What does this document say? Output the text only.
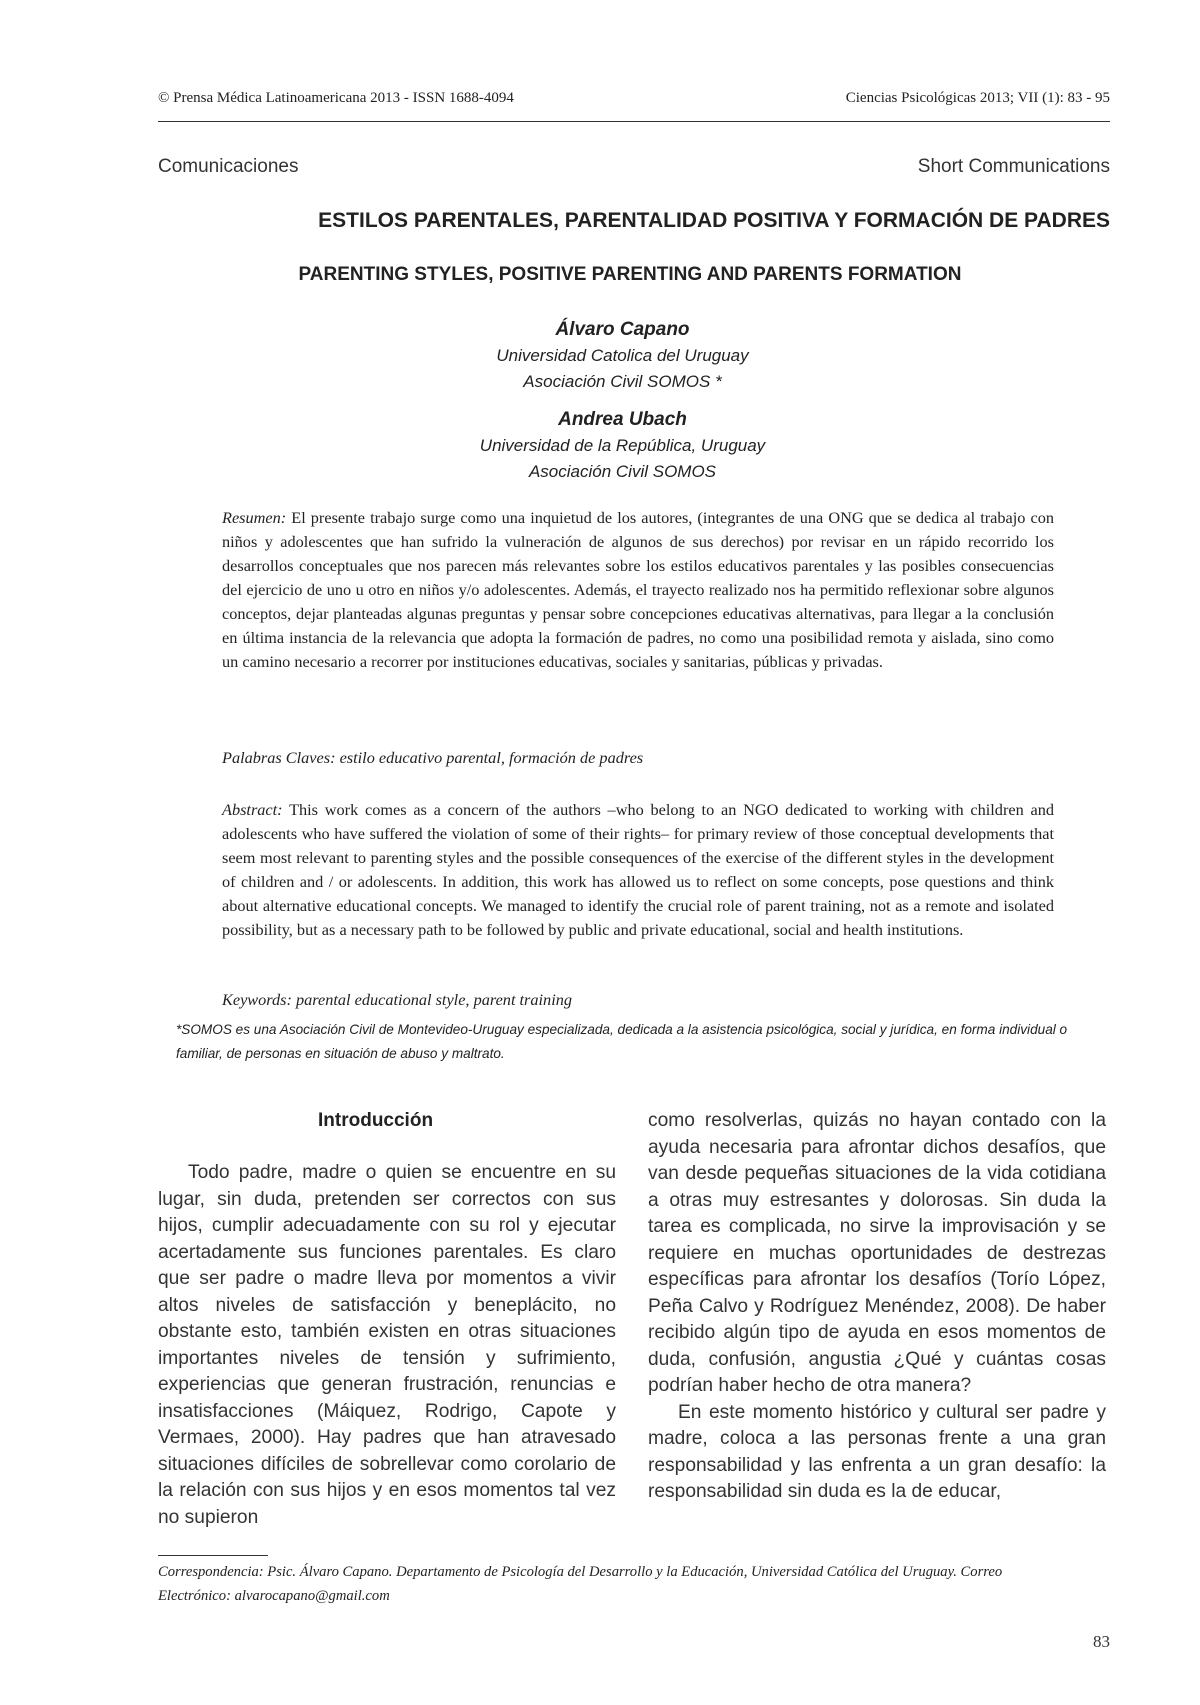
© Prensa Médica Latinoamericana 2013 - ISSN 1688-4094	Ciencias Psicológicas 2013; VII (1): 83 - 95
Comunicaciones	Short Communications
ESTILOS PARENTALES, PARENTALIDAD POSITIVA Y FORMACIÓN DE PADRES
PARENTING STYLES, POSITIVE PARENTING AND PARENTS FORMATION
Álvaro Capano
Universidad Catolica del Uruguay
Asociación Civil SOMOS *
Andrea Ubach
Universidad de la República, Uruguay
Asociación Civil SOMOS
Resumen: El presente trabajo surge como una inquietud de los autores, (integrantes de una ONG que se dedica al trabajo con niños y adolescentes que han sufrido la vulneración de algunos de sus derechos) por revisar en un rápido recorrido los desarrollos conceptuales que nos parecen más relevantes sobre los estilos educativos parentales y las posibles consecuencias del ejercicio de uno u otro en niños y/o adolescentes. Además, el trayecto realizado nos ha permitido reflexionar sobre algunos conceptos, dejar planteadas algunas preguntas y pensar sobre concepciones educativas alternativas, para llegar a la conclusión en última instancia de la relevancia que adopta la formación de padres, no como una posibilidad remota y aislada, sino como un camino necesario a recorrer por instituciones educativas, sociales y sanitarias, públicas y privadas.
Palabras Claves: estilo educativo parental, formación de padres
Abstract: This work comes as a concern of the authors –who belong to an NGO dedicated to working with children and adolescents who have suffered the violation of some of their rights– for primary review of those conceptual developments that seem most relevant to parenting styles and the possible consequences of the exercise of the different styles in the development of children and / or adolescents. In addition, this work has allowed us to reflect on some concepts, pose questions and think about alternative educational concepts. We managed to identify the crucial role of parent training, not as a remote and isolated possibility, but as a necessary path to be followed by public and private educational, social and health institutions.
Keywords: parental educational style, parent training
*SOMOS es una Asociación Civil de Montevideo-Uruguay especializada, dedicada a la asistencia psicológica, social y jurídica, en forma individual o familiar, de personas en situación de abuso y maltrato.
Introducción

Todo padre, madre o quien se encuentre en su lugar, sin duda, pretenden ser correctos con sus hijos, cumplir adecuadamente con su rol y ejecutar acertadamente sus funciones parentales. Es claro que ser padre o madre lleva por momentos a vivir altos niveles de satisfacción y beneplácito, no obstante esto, también existen en otras situaciones importantes niveles de tensión y sufrimiento, experiencias que generan frustración, renuncias e insatisfacciones (Máiquez, Rodrigo, Capote y Vermaes, 2000). Hay padres que han atravesado situaciones difíciles de sobrellevar como corolario de la relación con sus hijos y en esos momentos tal vez no supieron

como resolverlas, quizás no hayan contado con la ayuda necesaria para afrontar dichos desafíos, que van desde pequeñas situaciones de la vida cotidiana a otras muy estresantes y dolorosas. Sin duda la tarea es complicada, no sirve la improvisación y se requiere en muchas oportunidades de destrezas específicas para afrontar los desafíos (Torío López, Peña Calvo y Rodríguez Menéndez, 2008). De haber recibido algún tipo de ayuda en esos momentos de duda, confusión, angustia ¿Qué y cuántas cosas podrían haber hecho de otra manera?

En este momento histórico y cultural ser padre y madre, coloca a las personas frente a una gran responsabilidad y las enfrenta a un gran desafío: la responsabilidad sin duda es la de educar,

Correspondencia: Psic. Álvaro Capano. Departamento de Psicología del Desarrollo y la Educación, Universidad Católica del Uruguay. Correo Electrónico: alvarocapano@gmail.com
83
